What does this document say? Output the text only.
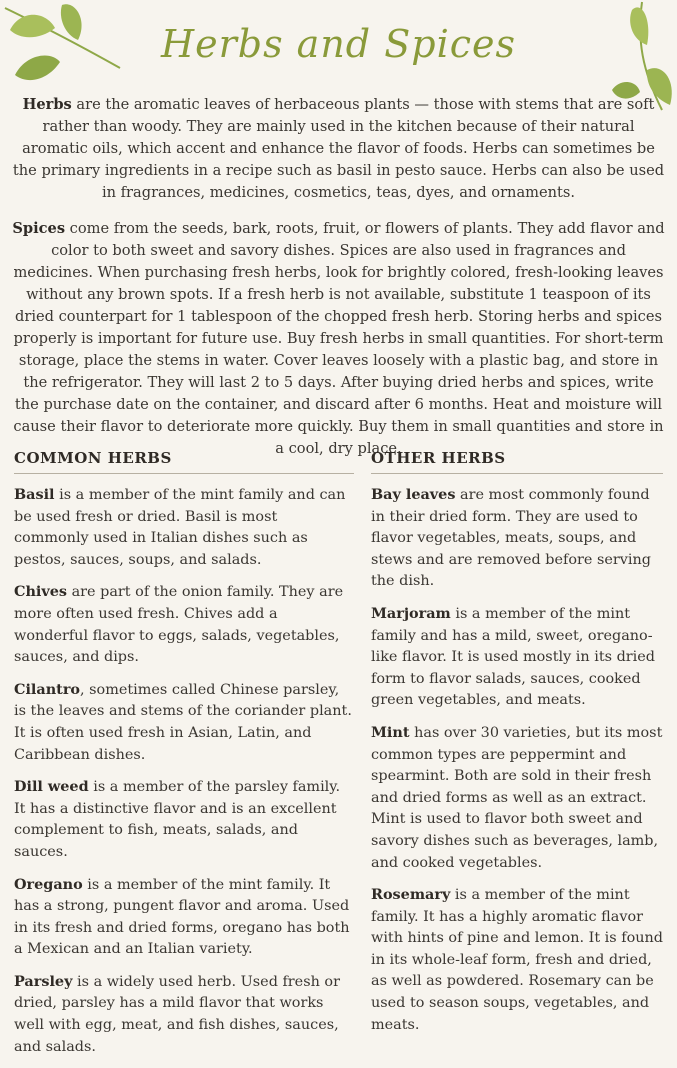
Herbs and Spices

Herbs are the aromatic leaves of herbaceous plants — those with stems that are soft rather than woody. They are mainly used in the kitchen because of their natural aromatic oils, which accent and enhance the flavor of foods. Herbs can sometimes be the primary ingredients in a recipe such as basil in pesto sauce. Herbs can also be used in fragrances, medicines, cosmetics, teas, dyes, and ornaments.

Spices come from the seeds, bark, roots, fruit, or flowers of plants. They add flavor and color to both sweet and savory dishes. Spices are also used in fragrances and medicines. When purchasing fresh herbs, look for brightly colored, fresh-looking leaves without any brown spots. If a fresh herb is not available, substitute 1 teaspoon of its dried counterpart for 1 tablespoon of the chopped fresh herb. Storing herbs and spices properly is important for future use. Buy fresh herbs in small quantities. For short-term storage, place the stems in water. Cover leaves loosely with a plastic bag, and store in the refrigerator. They will last 2 to 5 days. After buying dried herbs and spices, write the purchase date on the container, and discard after 6 months. Heat and moisture will cause their flavor to deteriorate more quickly. Buy them in small quantities and store in a cool, dry place.

COMMON HERBS
Basil is a member of the mint family and can be used fresh or dried. Basil is most commonly used in Italian dishes such as pestos, sauces, soups, and salads.
Chives are part of the onion family. They are more often used fresh. Chives add a wonderful flavor to eggs, salads, vegetables, sauces, and dips.
Cilantro, sometimes called Chinese parsley, is the leaves and stems of the coriander plant. It is often used fresh in Asian, Latin, and Caribbean dishes.
Dill weed is a member of the parsley family. It has a distinctive flavor and is an excellent complement to fish, meats, salads, and sauces.
Oregano is a member of the mint family. It has a strong, pungent flavor and aroma. Used in its fresh and dried forms, oregano has both a Mexican and an Italian variety.
Parsley is a widely used herb. Used fresh or dried, parsley has a mild flavor that works well with egg, meat, and fish dishes, sauces, and salads.
OTHER HERBS
Bay leaves are most commonly found in their dried form. They are used to flavor vegetables, meats, soups, and stews and are removed before serving the dish.
Marjoram is a member of the mint family and has a mild, sweet, oregano-like flavor. It is used mostly in its dried form to flavor salads, sauces, cooked green vegetables, and meats.
Mint has over 30 varieties, but its most common types are peppermint and spearmint. Both are sold in their fresh and dried forms as well as an extract. Mint is used to flavor both sweet and savory dishes such as beverages, lamb, and cooked vegetables.
Rosemary is a member of the mint family. It has a highly aromatic flavor with hints of pine and lemon. It is found in its whole-leaf form, fresh and dried, as well as powdered. Rosemary can be used to season soups, vegetables, and meats.
